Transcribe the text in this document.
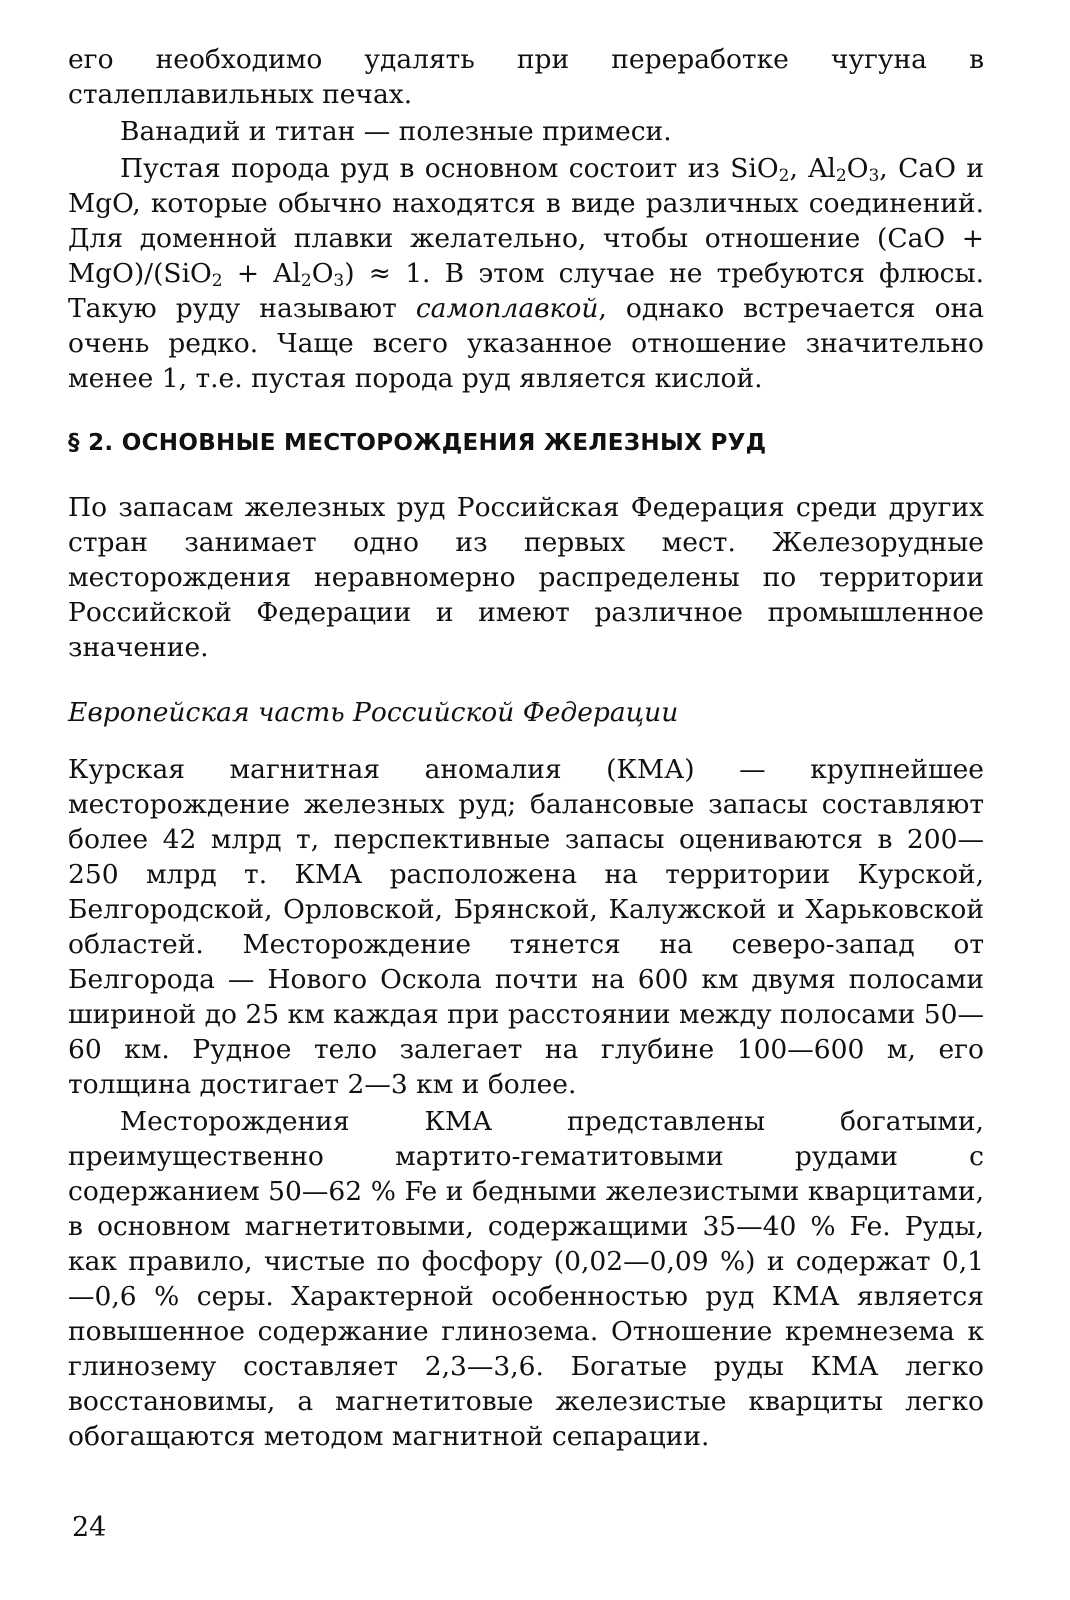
его необходимо удалять при переработке чугуна в сталеплавильных печах.

Ванадий и титан — полезные примеси.

Пустая порода руд в основном состоит из SiO$_2$, $Al_2O_3$, CaO и MgO, которые обычно находятся в виде различных соединений. Для доменной плавки желательно, чтобы отношение $(CaO + MgO)/(SiO_2 + Al_2O_3) \approx 1$. В этом случае не требуются флюсы. Такую руду называют самоплавкой, однако встречается она очень редко. Чаще всего указанное отношение значительно менее 1, т.е. пустая порода руд является кислой.

§ 2. ОСНОВНЫЕ МЕСТОРОЖДЕНИЯ ЖЕЛЕЗНЫХ РУД

По запасам железных руд Российская Федерация среди других стран занимает одно из первых мест. Железорудные месторождения неравномерно распределены по территории Российской Федерации и имеют различное промышленное значение.

Европейская часть Российской Федерации

Курская магнитная аномалия (КМА) — крупнейшее месторождение железных руд; балансовые запасы составляют более 42 млрд т, перспективные запасы оцениваются в 200—250 млрд т. КМА расположена на территории Курской, Белгородской, Орловской, Брянской, Калужской и Харьковской областей. Месторождение тянется на северо-запад от Белгорода — Нового Оскола почти на 600 км двумя полосами шириной до 25 км каждая при расстоянии между полосами 50—60 км. Рудное тело залегает на глубине 100—600 м, его толщина достигает 2—3 км и более.

Месторождения КМА представлены богатыми, преимущественно мартито-гематитовыми рудами с содержанием 50—62 % Fe и бедными железистыми кварцитами, в основном магнетитовыми, содержащими 35—40 % Fe. Руды, как правило, чистые по фосфору (0,02—0,09 %) и содержат 0,1—0,6 % серы. Характерной особенностью руд КМА является повышенное содержание глинозема. Отношение кремнезема к глинозему составляет 2,3—3,6. Богатые руды КМА легко восстановимы, а магнетитовые железистые кварциты легко обогащаются методом магнитной сепарации.

24
